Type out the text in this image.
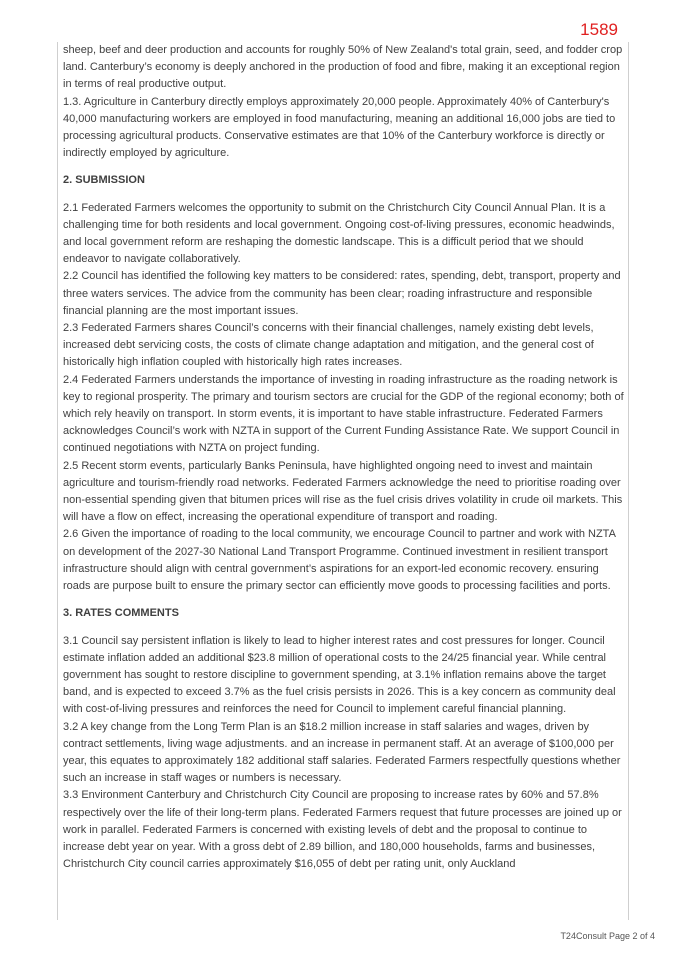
1589

sheep, beef and deer production and accounts for roughly 50% of New Zealand's total grain, seed, and fodder crop land. Canterbury’s economy is deeply anchored in the production of food and fibre, making it an exceptional region in terms of real productive output.

1.3. Agriculture in Canterbury directly employs approximately 20,000 people. Approximately 40% of Canterbury's 40,000 manufacturing workers are employed in food manufacturing, meaning an additional 16,000 jobs are tied to processing agricultural products. Conservative estimates are that 10% of the Canterbury workforce is directly or indirectly employed by agriculture.

2. SUBMISSION

2.1 Federated Farmers welcomes the opportunity to submit on the Christchurch City Council Annual Plan. It is a challenging time for both residents and local government. Ongoing cost-of-living pressures, economic headwinds, and local government reform are reshaping the domestic landscape. This is a difficult period that we should endeavor to navigate collaboratively.

2.2 Council has identified the following key matters to be considered: rates, spending, debt, transport, property and three waters services. The advice from the community has been clear; roading infrastructure and responsible financial planning are the most important issues.

2.3 Federated Farmers shares Council’s concerns with their financial challenges, namely existing debt levels, increased debt servicing costs, the costs of climate change adaptation and mitigation, and the general cost of historically high inflation coupled with historically high rates increases.

2.4 Federated Farmers understands the importance of investing in roading infrastructure as the roading network is key to regional prosperity. The primary and tourism sectors are crucial for the GDP of the regional economy; both of which rely heavily on transport. In storm events, it is important to have stable infrastructure. Federated Farmers acknowledges Council’s work with NZTA in support of the Current Funding Assistance Rate. We support Council in continued negotiations with NZTA on project funding.

2.5 Recent storm events, particularly Banks Peninsula, have highlighted ongoing need to invest and maintain agriculture and tourism-friendly road networks. Federated Farmers acknowledge the need to prioritise roading over non-essential spending given that bitumen prices will rise as the fuel crisis drives volatility in crude oil markets. This will have a flow on effect, increasing the operational expenditure of transport and roading.

2.6 Given the importance of roading to the local community, we encourage Council to partner and work with NZTA on development of the 2027-30 National Land Transport Programme. Continued investment in resilient transport infrastructure should align with central government’s aspirations for an export-led economic recovery. ensuring roads are purpose built to ensure the primary sector can efficiently move goods to processing facilities and ports.

3. RATES COMMENTS

3.1 Council say persistent inflation is likely to lead to higher interest rates and cost pressures for longer. Council estimate inflation added an additional $23.8 million of operational costs to the 24/25 financial year. While central government has sought to restore discipline to government spending, at 3.1% inflation remains above the target band, and is expected to exceed 3.7% as the fuel crisis persists in 2026. This is a key concern as community deal with cost-of-living pressures and reinforces the need for Council to implement careful financial planning.

3.2 A key change from the Long Term Plan is an $18.2 million increase in staff salaries and wages, driven by contract settlements, living wage adjustments. and an increase in permanent staff. At an average of $100,000 per year, this equates to approximately 182 additional staff salaries. Federated Farmers respectfully questions whether such an increase in staff wages or numbers is necessary.

3.3 Environment Canterbury and Christchurch City Council are proposing to increase rates by 60% and 57.8% respectively over the life of their long-term plans. Federated Farmers request that future processes are joined up or work in parallel. Federated Farmers is concerned with existing levels of debt and the proposal to continue to increase debt year on year. With a gross debt of 2.89 billion, and 180,000 households, farms and businesses, Christchurch City council carries approximately $16,055 of debt per rating unit, only Auckland

T24Consult Page 2 of 4
